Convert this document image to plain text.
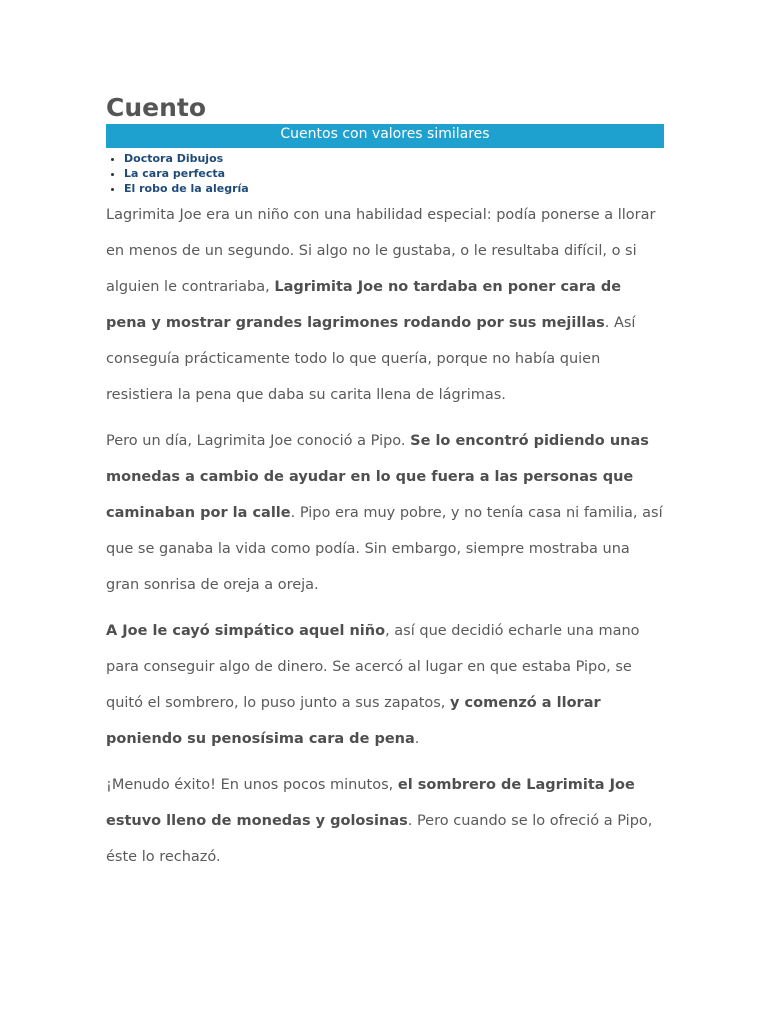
Cuento
Cuentos con valores similares
• Doctora Dibujos
• La cara perfecta
• El robo de la alegría

Lagrimita Joe era un niño con una habilidad especial: podía ponerse a llorar en menos de un segundo. Si algo no le gustaba, o le resultaba difícil, o si alguien le contrariaba, Lagrimita Joe no tardaba en poner cara de pena y mostrar grandes lagrimones rodando por sus mejillas. Así conseguía prácticamente todo lo que quería, porque no había quien resistiera la pena que daba su carita llena de lágrimas.

Pero un día, Lagrimita Joe conoció a Pipo. Se lo encontró pidiendo unas monedas a cambio de ayudar en lo que fuera a las personas que caminaban por la calle. Pipo era muy pobre, y no tenía casa ni familia, así que se ganaba la vida como podía. Sin embargo, siempre mostraba una gran sonrisa de oreja a oreja.

A Joe le cayó simpático aquel niño, así que decidió echarle una mano para conseguir algo de dinero. Se acercó al lugar en que estaba Pipo, se quitó el sombrero, lo puso junto a sus zapatos, y comenzó a llorar poniendo su penosísima cara de pena.

¡Menudo éxito! En unos pocos minutos, el sombrero de Lagrimita Joe estuvo lleno de monedas y golosinas. Pero cuando se lo ofreció a Pipo, éste lo rechazó.
